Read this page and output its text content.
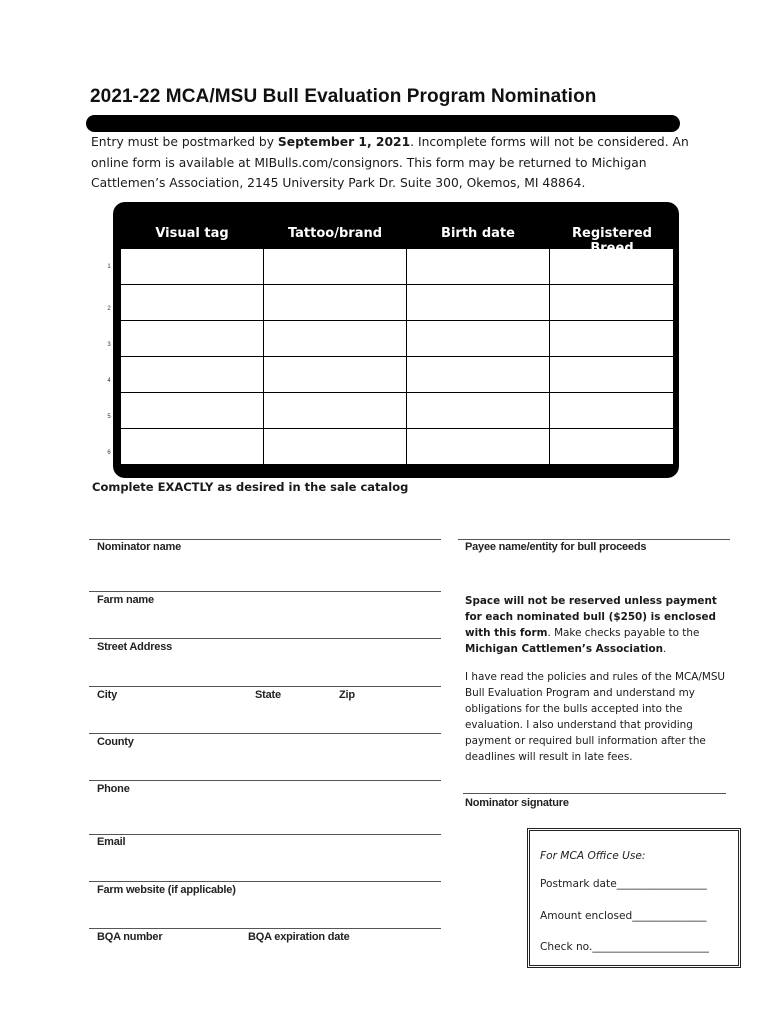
2021-22 MCA/MSU Bull Evaluation Program Nomination
Entry must be postmarked by September 1, 2021. Incomplete forms will not be considered. An online form is available at MIBulls.com/consignors. This form may be returned to Michigan Cattlemen’s Association, 2145 University Park Dr. Suite 300, Okemos, MI 48864.
Visual tag	Tattoo/brand	Birth date	Registered
1
2
3
4
5
6
Complete EXACTLY as desired in the sale catalog
Nominator name
Farm name
Street Address
City	State	Zip
County
Phone
Email
Farm website (if applicable)
BQA number	BQA expiration date
Payee name/entity for bull proceeds
Space will not be reserved unless payment for each nominated bull ($250) is enclosed with this form. Make checks payable to the Michigan Cattlemen’s Association.
I have read the policies and rules of the MCA/MSU Bull Evaluation Program and understand my obligations for the bulls accepted into the evaluation. I also understand that providing payment or required bull information after the deadlines will result in late fees.
Nominator signature
For MCA Office Use:
Postmark date_________________
Amount enclosed______________
Check no.______________________
